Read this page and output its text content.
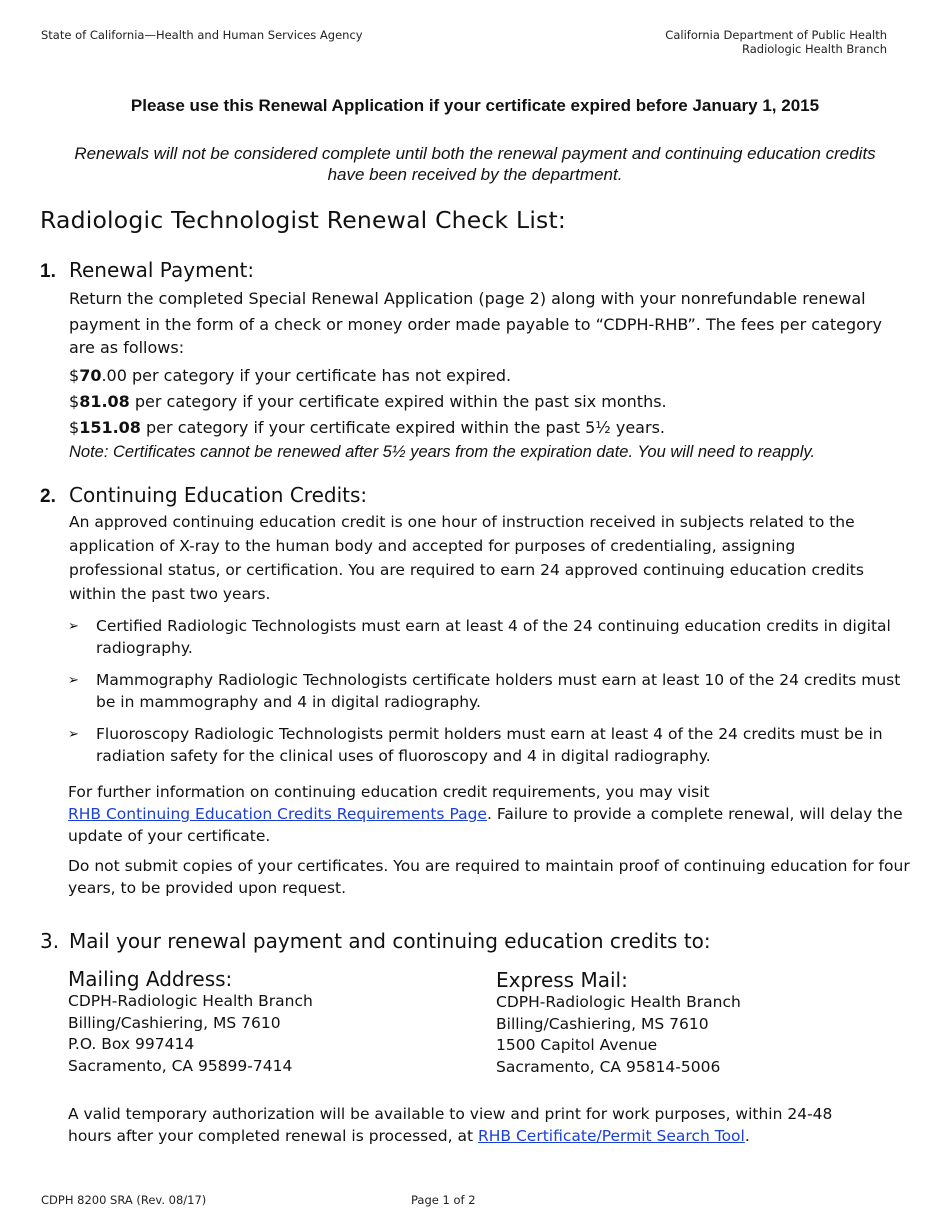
State of California—Health and Human Services Agency	California Department of Public Health
Radiologic Health Branch
Please use this Renewal Application if your certificate expired before January 1, 2015
Renewals will not be considered complete until both the renewal payment and continuing education credits have been received by the department.
Radiologic Technologist Renewal Check List:
1. Renewal Payment:
Return the completed Special Renewal Application (page 2) along with your nonrefundable renewal
payment in the form of a check or money order made payable to “CDPH-RHB”. The fees per category
are as follows:
$70.00 per category if your certificate has not expired.
$81.08 per category if your certificate expired within the past six months.
$151.08 per category if your certificate expired within the past 5½ years.
Note: Certificates cannot be renewed after 5½ years from the expiration date. You will need to reapply.
2. Continuing Education Credits:
An approved continuing education credit is one hour of instruction received in subjects related to the
application of X-ray to the human body and accepted for purposes of credentialing, assigning
professional status, or certification. You are required to earn 24 approved continuing education credits
within the past two years.
➢	Certified Radiologic Technologists must earn at least 4 of the 24 continuing education credits in digital radiography.
➢	Mammography Radiologic Technologists certificate holders must earn at least 10 of the 24 credits must be in mammography and 4 in digital radiography.
➢	Fluoroscopy Radiologic Technologists permit holders must earn at least 4 of the 24 credits must be in radiation safety for the clinical uses of fluoroscopy and 4 in digital radiography.
For further information on continuing education credit requirements, you may visit
RHB Continuing Education Credits Requirements Page. Failure to provide a complete renewal, will delay the update of your certificate.
Do not submit copies of your certificates. You are required to maintain proof of continuing education for four years, to be provided upon request.
3. Mail your renewal payment and continuing education credits to:
Mailing Address:
CDPH-Radiologic Health Branch
Billing/Cashiering, MS 7610
P.O. Box 997414
Sacramento, CA 95899-7414
Express Mail:
CDPH-Radiologic Health Branch
Billing/Cashiering, MS 7610
1500 Capitol Avenue
Sacramento, CA 95814-5006
A valid temporary authorization will be available to view and print for work purposes, within 24-48 hours after your completed renewal is processed, at RHB Certificate/Permit Search Tool.
CDPH 8200 SRA (Rev. 08/17)	Page 1 of 2
